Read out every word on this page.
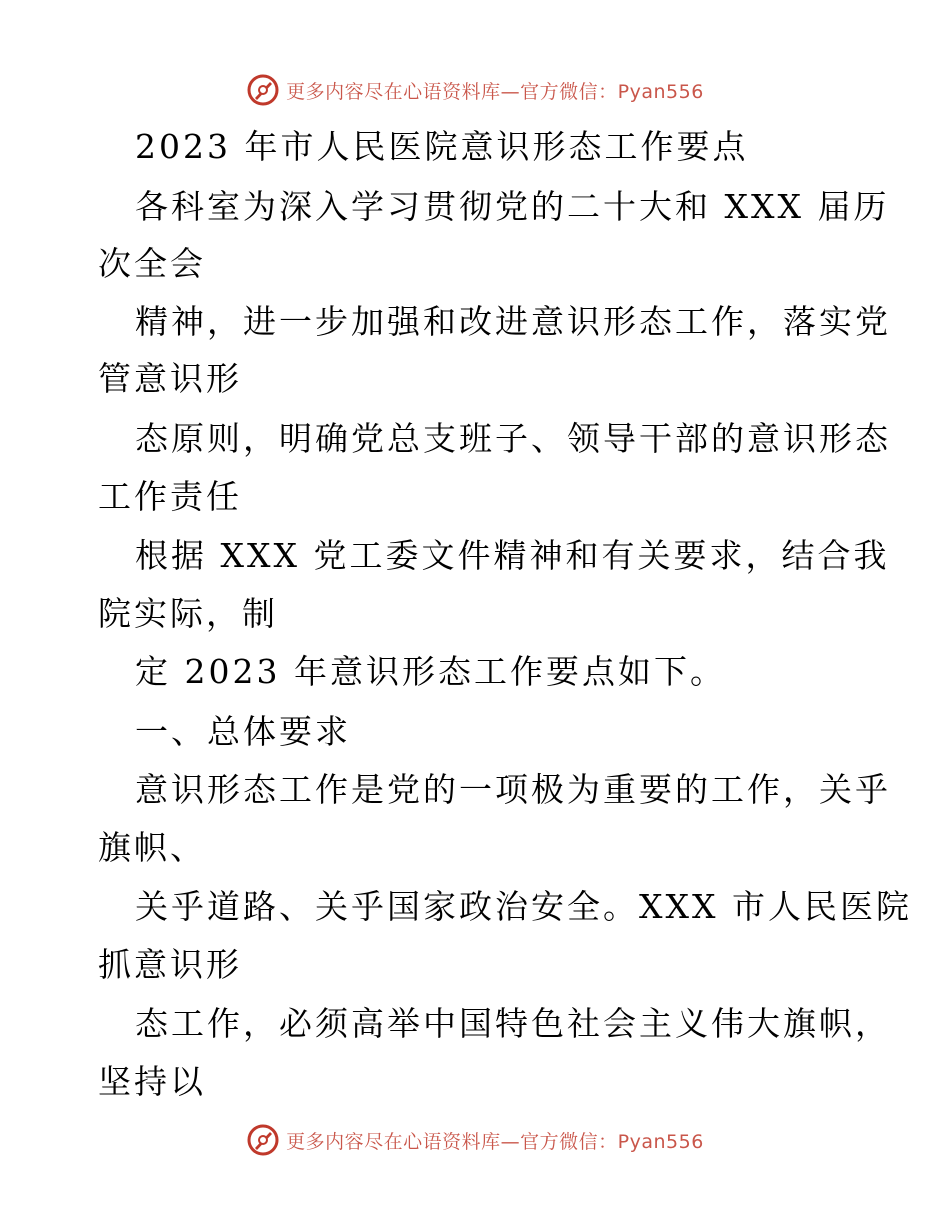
更多内容尽在心语资料库—官方微信：Pyan556
2023 年市人民医院意识形态工作要点
各科室为深入学习贯彻党的二十大和 XXX 届历
次全会
精神，进一步加强和改进意识形态工作，落实党
管意识形
态原则，明确党总支班子、领导干部的意识形态
工作责任
根据 XXX 党工委文件精神和有关要求，结合我
院实际，制
定 2023 年意识形态工作要点如下。
一、总体要求
意识形态工作是党的一项极为重要的工作，关乎
旗帜、
关乎道路、关乎国家政治安全。XXX 市人民医院
抓意识形
态工作，必须高举中国特色社会主义伟大旗帜，
坚持以
更多内容尽在心语资料库—官方微信：Pyan556
